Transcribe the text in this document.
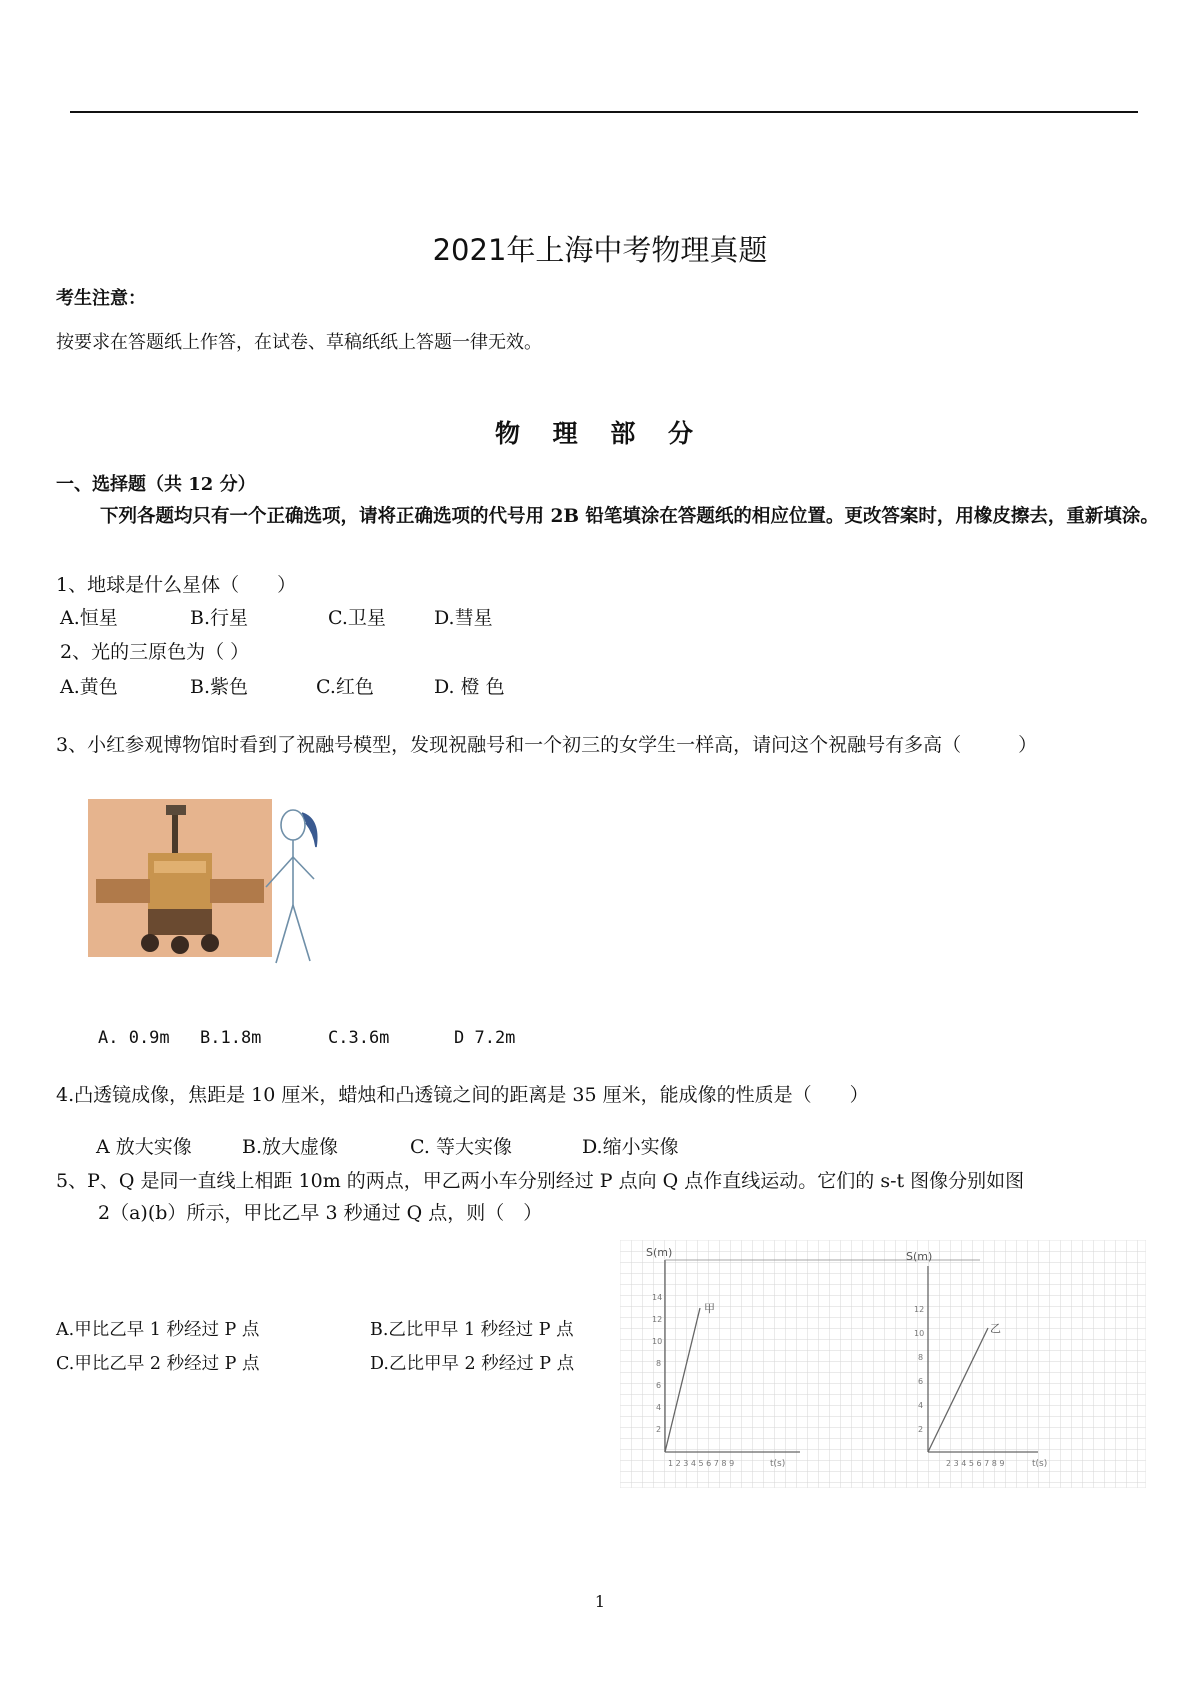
2021年上海中考物理真题
考生注意：
按要求在答题纸上作答，在试卷、草稿纸纸上答题一律无效。
物 理 部 分
一、选择题（共 12 分）
下列各题均只有一个正确选项，请将正确选项的代号用 2B 铅笔填涂在答题纸的相应位置。更改答案时，用橡皮擦去，重新填涂。
1、地球是什么星体（　　）
A.恒星	B.行星	C.卫星	D.彗星
2、光的三原色为（ ）
A.黄色	B.紫色	C.红色	D. 橙 色
3、小红参观博物馆时看到了祝融号模型，发现祝融号和一个初三的女学生一样高，请问这个祝融号有多高（　　　）
A. 0.9m B.1.8m	C.3.6m	D 7.2m
4.凸透镜成像，焦距是 10 厘米，蜡烛和凸透镜之间的距离是 35 厘米，能成像的性质是（　　）
A 放大实像	B.放大虚像	C. 等大实像	D.缩小实像
5、P、Q 是同一直线上相距 10m 的两点，甲乙两小车分别经过 P 点向 Q 点作直线运动。它们的 s-t 图像分别如图
2（a)(b）所示，甲比乙早 3 秒通过 Q 点，则（　）
A.甲比乙早 1 秒经过 P 点	B.乙比甲早 1 秒经过 P 点
C.甲比乙早 2 秒经过 P 点	D.乙比甲早 2 秒经过 P 点
S(m)
甲
14
12
10
8
6
4
2
1 2 3 4 5 6 7 8 9	t(s)
S(m)
乙
12
10
8
6
4
2
2 3 4 5 6 7 8 9	t(s)
1
